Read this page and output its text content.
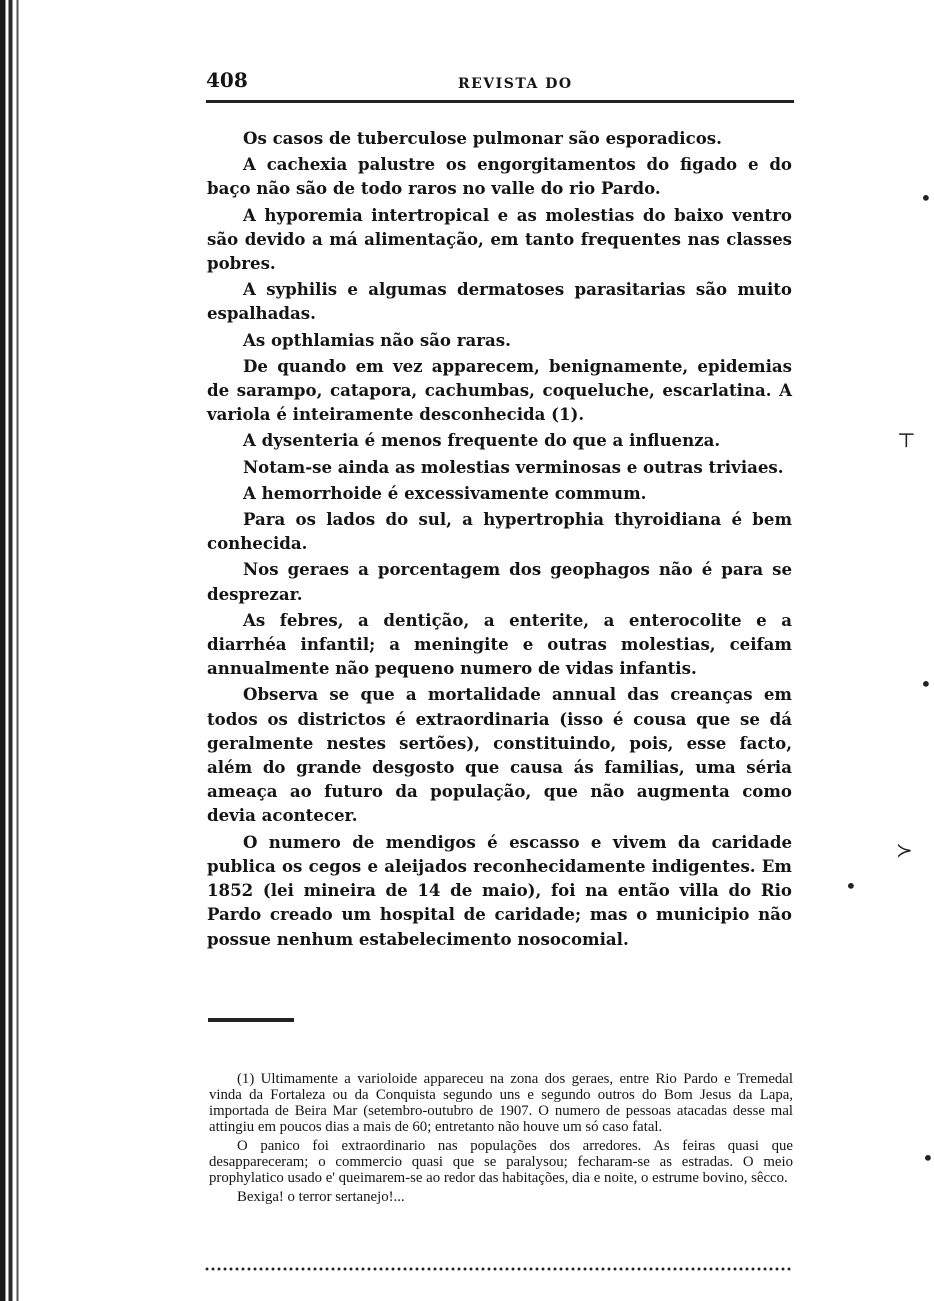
408	REVISTA DO

Os casos de tuberculose pulmonar são esporadicos.

A cachexia palustre os engorgitamentos do figado e do baço não são de todo raros no valle do rio Pardo.

A hyporemia intertropical e as molestias do baixo ventro são devido a má alimentação, em tanto frequentes nas classes pobres.

A syphilis e algumas dermatoses parasitarias são muito espalhadas.

As opthlamias não são raras.

De quando em vez apparecem, benignamente, epidemias de sarampo, catapora, cachumbas, coqueluche, escarlatina. A variola é inteiramente desconhecida (1).

A dysenteria é menos frequente do que a influenza.

Notam-se ainda as molestias verminosas e outras triviaes.

A hemorrhoide é excessivamente commum.

Para os lados do sul, a hypertrophia thyroidiana é bem conhecida.

Nos geraes a porcentagem dos geophagos não é para se desprezar.

As febres, a dentição, a enterite, a enterocolite e a diarrhéa infantil; a meningite e outras molestias, ceifam annualmente não pequeno numero de vidas infantis.

Observa se que a mortalidade annual das creanças em todos os districtos é extraordinaria (isso é cousa que se dá geralmente nestes sertões), constituindo, pois, esse facto, além do grande desgosto que causa ás familias, uma séria ameaça ao futuro da população, que não augmenta como devia acontecer.

O numero de mendigos é escasso e vivem da caridade publica os cegos e aleijados reconhecidamente indigentes. Em 1852 (lei mineira de 14 de maio), foi na então villa do Rio Pardo creado um hospital de caridade; mas o municipio não possue nenhum estabelecimento nosocomial.

(1) Ultimamente a varioloide appareceu na zona dos geraes, entre Rio Pardo e Tremedal vinda da Fortaleza ou da Conquista segundo uns e segundo outros do Bom Jesus da Lapa, importada de Beira Mar (setembro-outubro de 1907. O numero de pessoas atacadas desse mal attingiu em poucos dias a mais de 60; entretanto não houve um só caso fatal.

O panico foi extraordinario nas populações dos arredores. As feiras quasi que desappareceram; o commercio quasi que se paralysou; fecharam-se as estradas. O meio prophylatico usado e' queimarem-se ao redor das habitações, dia e noite, o estrume bovino, sêcco.

Bexiga! o terror sertanejo!...

•
⊤
•
≻
•
•
